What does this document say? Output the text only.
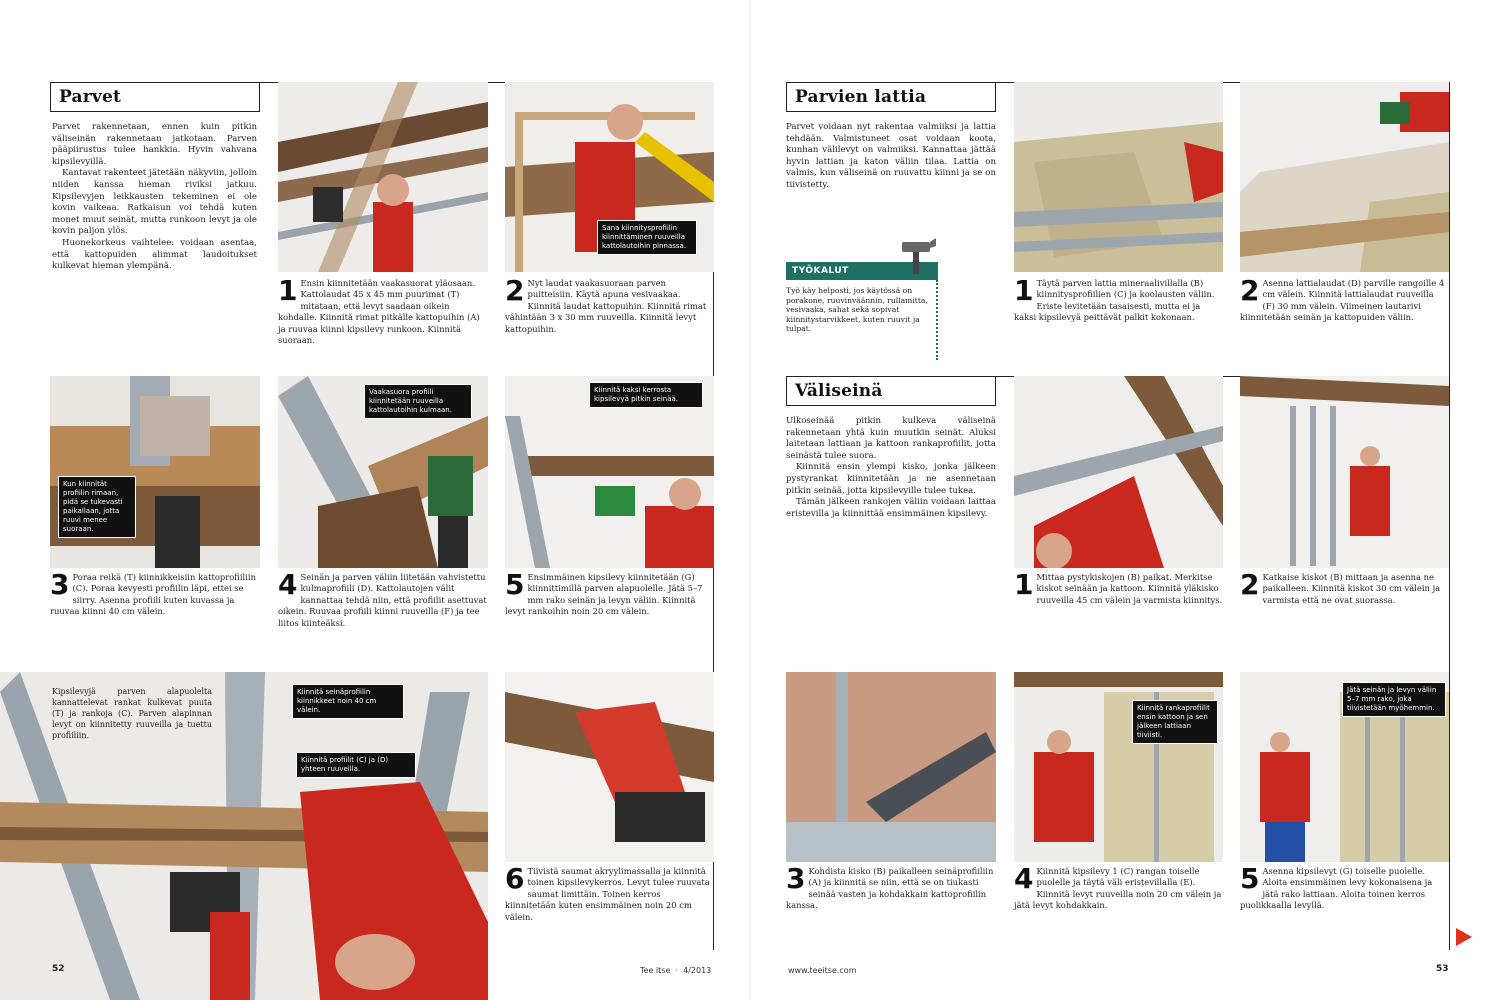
Parvet

Parvet rakennetaan, ennen kuin pitkin väliseinän rakennetaan jatkotaan. Parven pääpiirustus tulee hankkia. Hyvin vahvana kipsilevyillä.

Kantavat rakenteet jätetään näkyviin, jolloin niiden kanssa hieman riviksi jatkuu. Kipsilevyjen leikkausten tekeminen ei ole kovin vaikeaa. Ratkaisun voi tehdä kuten monet muut seinät, mutta runkoon levyt ja ole kovin paljon ylös.

Huonekorkeus vaihtelee: voidaan asentaa, että kattopuiden alimmat laudoitukset kulkevat hieman ylempänä.

Sana kiinnitysprofiilin kiinnittäminen ruuveilla kattolautoihin pinnassa.
1 Ensin kiinnitetään vaakasuorat yläosaan. Kattolaudat 45 x 45 mm puurimat (T) mitataan, että levyt saadaan oikein kohdalle. Kiinnitä rimat pitkälle kattopuihin (A) ja ruuvaa kiinni kipsilevy runkoon. Kiinnitä suoraan.
2 Nyt laudat vaakasuoraan parven puitteisiin. Käytä apuna vesivaakaa. Kiinnitä laudat kattopuihin. Kiinnitä rimat vähintään 3 x 30 mm ruuveilla. Kiinnitä levyt kattopuihin.
Kun kiinnität profiilin rimaan, pidä se tukevasti paikallaan, jotta ruuvi menee suoraan.
Vaakasuora profiili kiinnitetään ruuveilla kattolautoihin kulmaan.
Kiinnitä kaksi kerrosta kipsilevyä pitkin seinää.
3 Poraa reikä (T) kiinnikkeisiin kattoprofiiliin (C). Poraa kevyesti profiilin läpi, ettei se siirry. Asenna profiili kuten kuvassa ja ruuvaa kiinni 40 cm välein.
4 Seinän ja parven väliin liitetään vahvistettu kulmaprofiili (D). Kattolautojen välit kannattaa tehdä niin, että profiilit asettuvat oikein. Ruuvaa profiili kiinni ruuveilla (F) ja tee liitos kiinteäksi.
5 Ensimmäinen kipsilevy kiinnitetään (G) kiinnittimillä parven alapuolelle. Jätä 5–7 mm rako seinän ja levyn väliin. Kiinnitä levyt rankoihin noin 20 cm välein.
Kipsilevyjä parven alapuolelta kannattelevat rankat kulkevat puuta (T) ja rankoja (C). Parven alapinnan levyt on kiinnitetty ruuveilla ja tuettu profiiliin.
Kiinnitä seinäprofiilin kiinnikkeet noin 40 cm välein.
Kiinnitä profiilit (C) ja (D) yhteen ruuveilla.
6 Tiivistä saumat akryylimassalla ja kiinnitä toinen kipsilevykerros. Levyt tulee ruuvata saumat limittäin. Toinen kerros kiinnitetään kuten ensimmäinen noin 20 cm välein.
52	Tee itse  ·  4/2013
Parvien lattia

Parvet voidaan nyt rakentaa valmiiksi ja lattia tehdään. Valmistuneet osat voidaan koota, kunhan välilevyt on valmiiksi. Kannattaa jättää hyvin lattian ja katon väliin tilaa. Lattia on valmis, kun väliseinä on ruuvattu kiinni ja se on tiivistetty.

TYÖKALUT
Työ käy helposti, jos käytössä on porakone, ruuvinväännin, rullamitta, vesivaaka, sahat sekä sopivat kiinnitystarvikkeet, kuten ruuvit ja tulpat.
1 Täytä parven lattia mineraalivillalla (B) kiinnitysprofiilien (C) ja koolausten väliin. Eriste levitetään tasaisesti, mutta ei ja kaksi kipsilevyä peittävät palkit kokonaan.
2 Asenna lattialaudat (D) parville rangoille 4 cm välein. Kiinnitä lattialaudat ruuveilla (F) 30 mm välein. Viimeinen lautarivi kiinnitetään seinän ja kattopuiden väliin.
Väliseinä

Ulkoseinää pitkin kulkeva väliseinä rakennetaan yhtä kuin muutkin seinät. Aluksi laitetaan lattiaan ja kattoon rankaprofiilit, jotta seinästä tulee suora.

Kiinnitä ensin ylempi kisko, jonka jälkeen pystyrankat kiinnitetään ja ne asennetaan pitkin seinää, jotta kipsilevyille tulee tukea.

Tämän jälkeen rankojen väliin voidaan laittaa eristevilla ja kiinnittää ensimmäinen kipsilevy.

1 Mittaa pystykiskojen (B) paikat. Merkitse kiskot seinään ja kattoon. Kiinnitä yläkisko ruuveilla 45 cm välein ja varmista kiinnitys. 2 Katkaise kiskot (B) mittaan ja asenna ne paikalleen. Kiinnitä kiskot 30 cm välein ja varmista että ne ovat suorassa.
Kiinnitä rankaprofiilit ensin kattoon ja sen jälkeen lattiaan tiiviisti.
Jätä seinän ja levyn väliin 5–7 mm rako, joka tiivistetään myöhemmin.
3 Kohdista kisko (B) paikalleen seinäprofiiliin (A) ja kiinnitä se niin, että se on tiukasti seinää vasten ja kohdakkain kattoprofiilin kanssa.
4 Kiinnitä kipsilevy 1 (C) rangan toiselle puolelle ja täytä väli eristevillalla (E). Kiinnitä levyt ruuveilla noin 20 cm välein ja jätä levyt kohdakkain.
5 Asenna kipsilevyt (G) toiselle puolelle. Aloita ensimmäinen levy kokonaisena ja jätä rako lattiaan. Aloita toinen kerros puolikkaalla levyllä.
www.teeitse.com	53
